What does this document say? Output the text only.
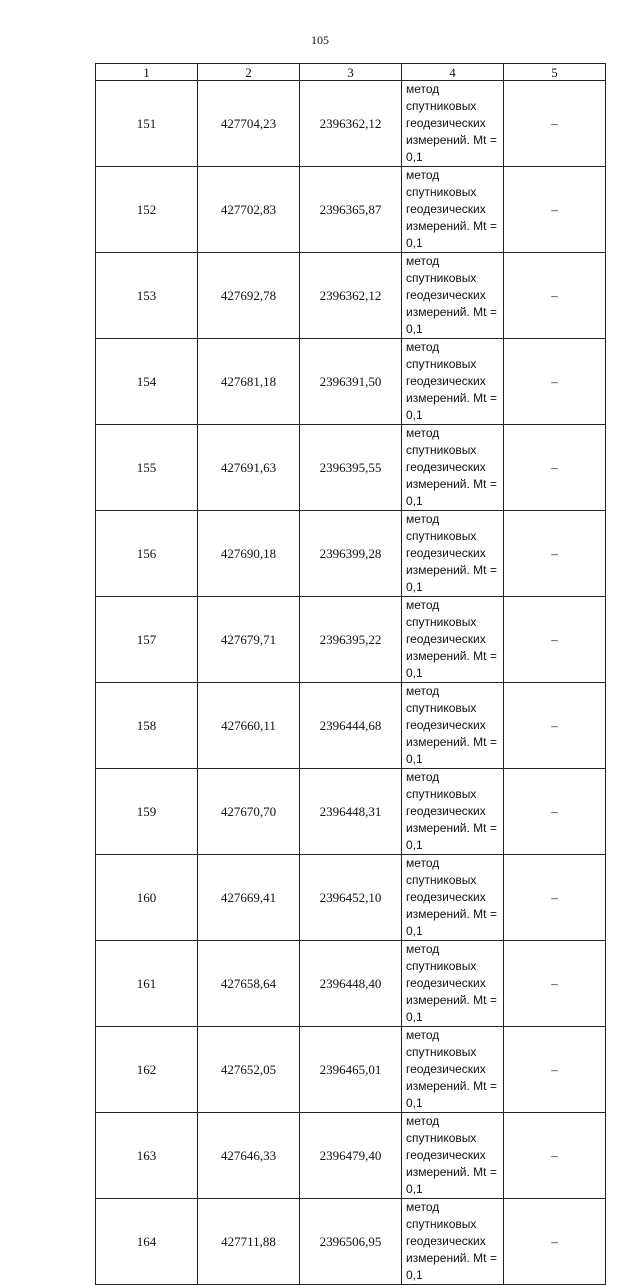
105
1	2	3	4	5
151	427704,23	2396362,12	метод спутниковых
геодезических
измерений. Mt = 0,1	–
152	427702,83	2396365,87	метод спутниковых
геодезических
измерений. Mt = 0,1	–
153	427692,78	2396362,12	метод спутниковых
геодезических
измерений. Mt = 0,1	–
154	427681,18	2396391,50	метод спутниковых
геодезических
измерений. Mt = 0,1	–
155	427691,63	2396395,55	метод спутниковых
геодезических
измерений. Mt = 0,1	–
156	427690,18	2396399,28	метод спутниковых
геодезических
измерений. Mt = 0,1	–
157	427679,71	2396395,22	метод спутниковых
геодезических
измерений. Mt = 0,1	–
158	427660,11	2396444,68	метод спутниковых
геодезических
измерений. Mt = 0,1	–
159	427670,70	2396448,31	метод спутниковых
геодезических
измерений. Mt = 0,1	–
160	427669,41	2396452,10	метод спутниковых
геодезических
измерений. Mt = 0,1	–
161	427658,64	2396448,40	метод спутниковых
геодезических
измерений. Mt = 0,1	–
162	427652,05	2396465,01	метод спутниковых
геодезических
измерений. Mt = 0,1	–
163	427646,33	2396479,40	метод спутниковых
геодезических
измерений. Mt = 0,1	–
164	427711,88	2396506,95	метод спутниковых
геодезических
измерений. Mt = 0,1	–
